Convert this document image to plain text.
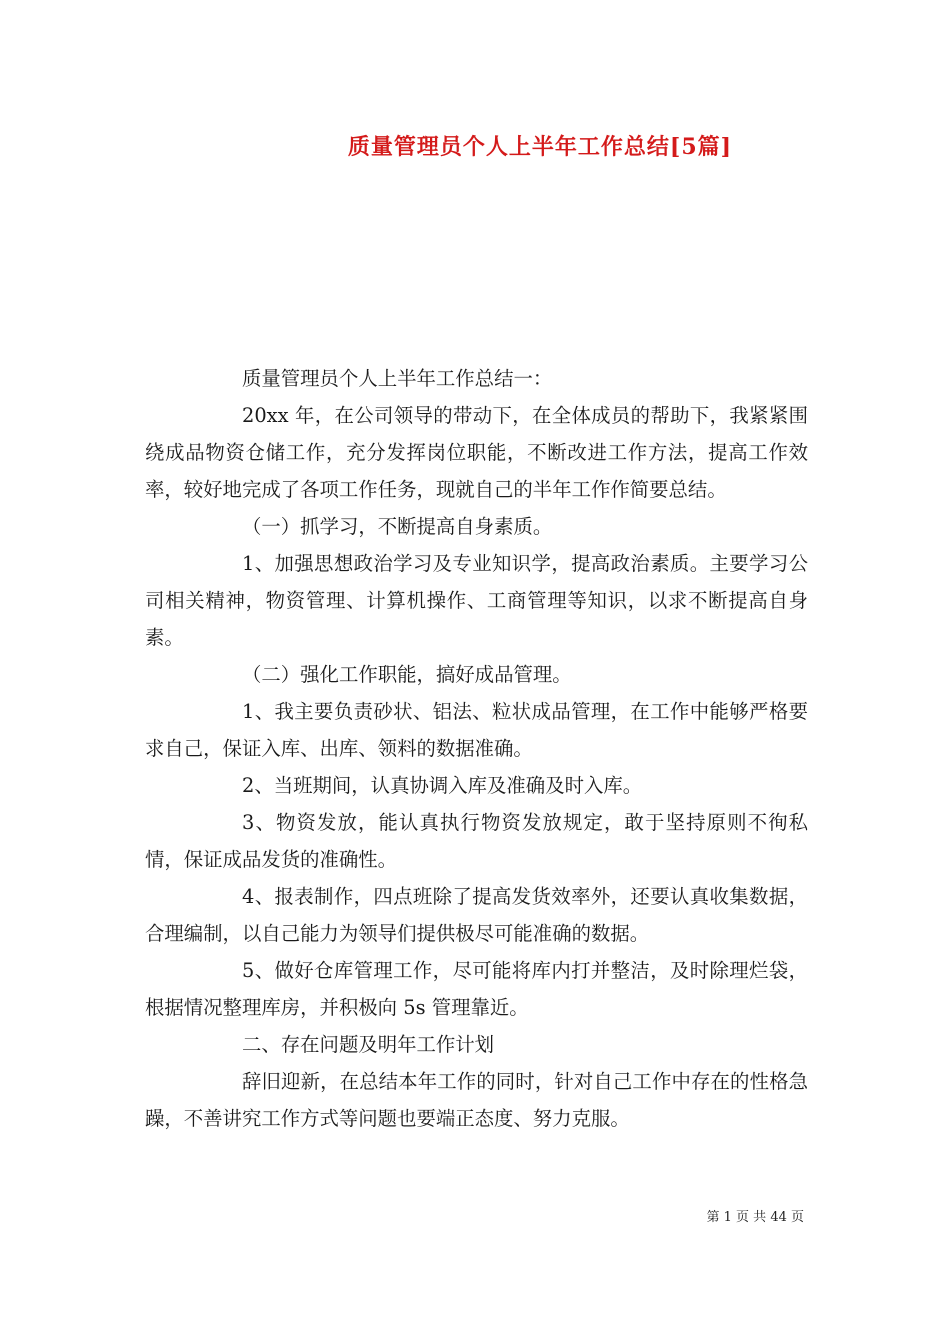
质量管理员个人上半年工作总结[5篇]

质量管理员个人上半年工作总结一：

20xx 年，在公司领导的带动下，在全体成员的帮助下，我紧紧围绕成品物资仓储工作，充分发挥岗位职能，不断改进工作方法，提高工作效率，较好地完成了各项工作任务，现就自己的半年工作作简要总结。

（一）抓学习，不断提高自身素质。

1、加强思想政治学习及专业知识学，提高政治素质。主要学习公司相关精神，物资管理、计算机操作、工商管理等知识，以求不断提高自身素。

（二）强化工作职能，搞好成品管理。

1、我主要负责砂状、铝法、粒状成品管理，在工作中能够严格要求自己，保证入库、出库、领料的数据准确。

2、当班期间，认真协调入库及准确及时入库。

3、物资发放，能认真执行物资发放规定，敢于坚持原则不徇私情，保证成品发货的准确性。

4、报表制作，四点班除了提高发货效率外，还要认真收集数据，合理编制，以自己能力为领导们提供极尽可能准确的数据。

5、做好仓库管理工作，尽可能将库内打并整洁，及时除理烂袋，根据情况整理库房，并积极向 5s 管理靠近。

二、存在问题及明年工作计划

辞旧迎新，在总结本年工作的同时，针对自己工作中存在的性格急躁，不善讲究工作方式等问题也要端正态度、努力克服。

第 1 页 共 44 页
